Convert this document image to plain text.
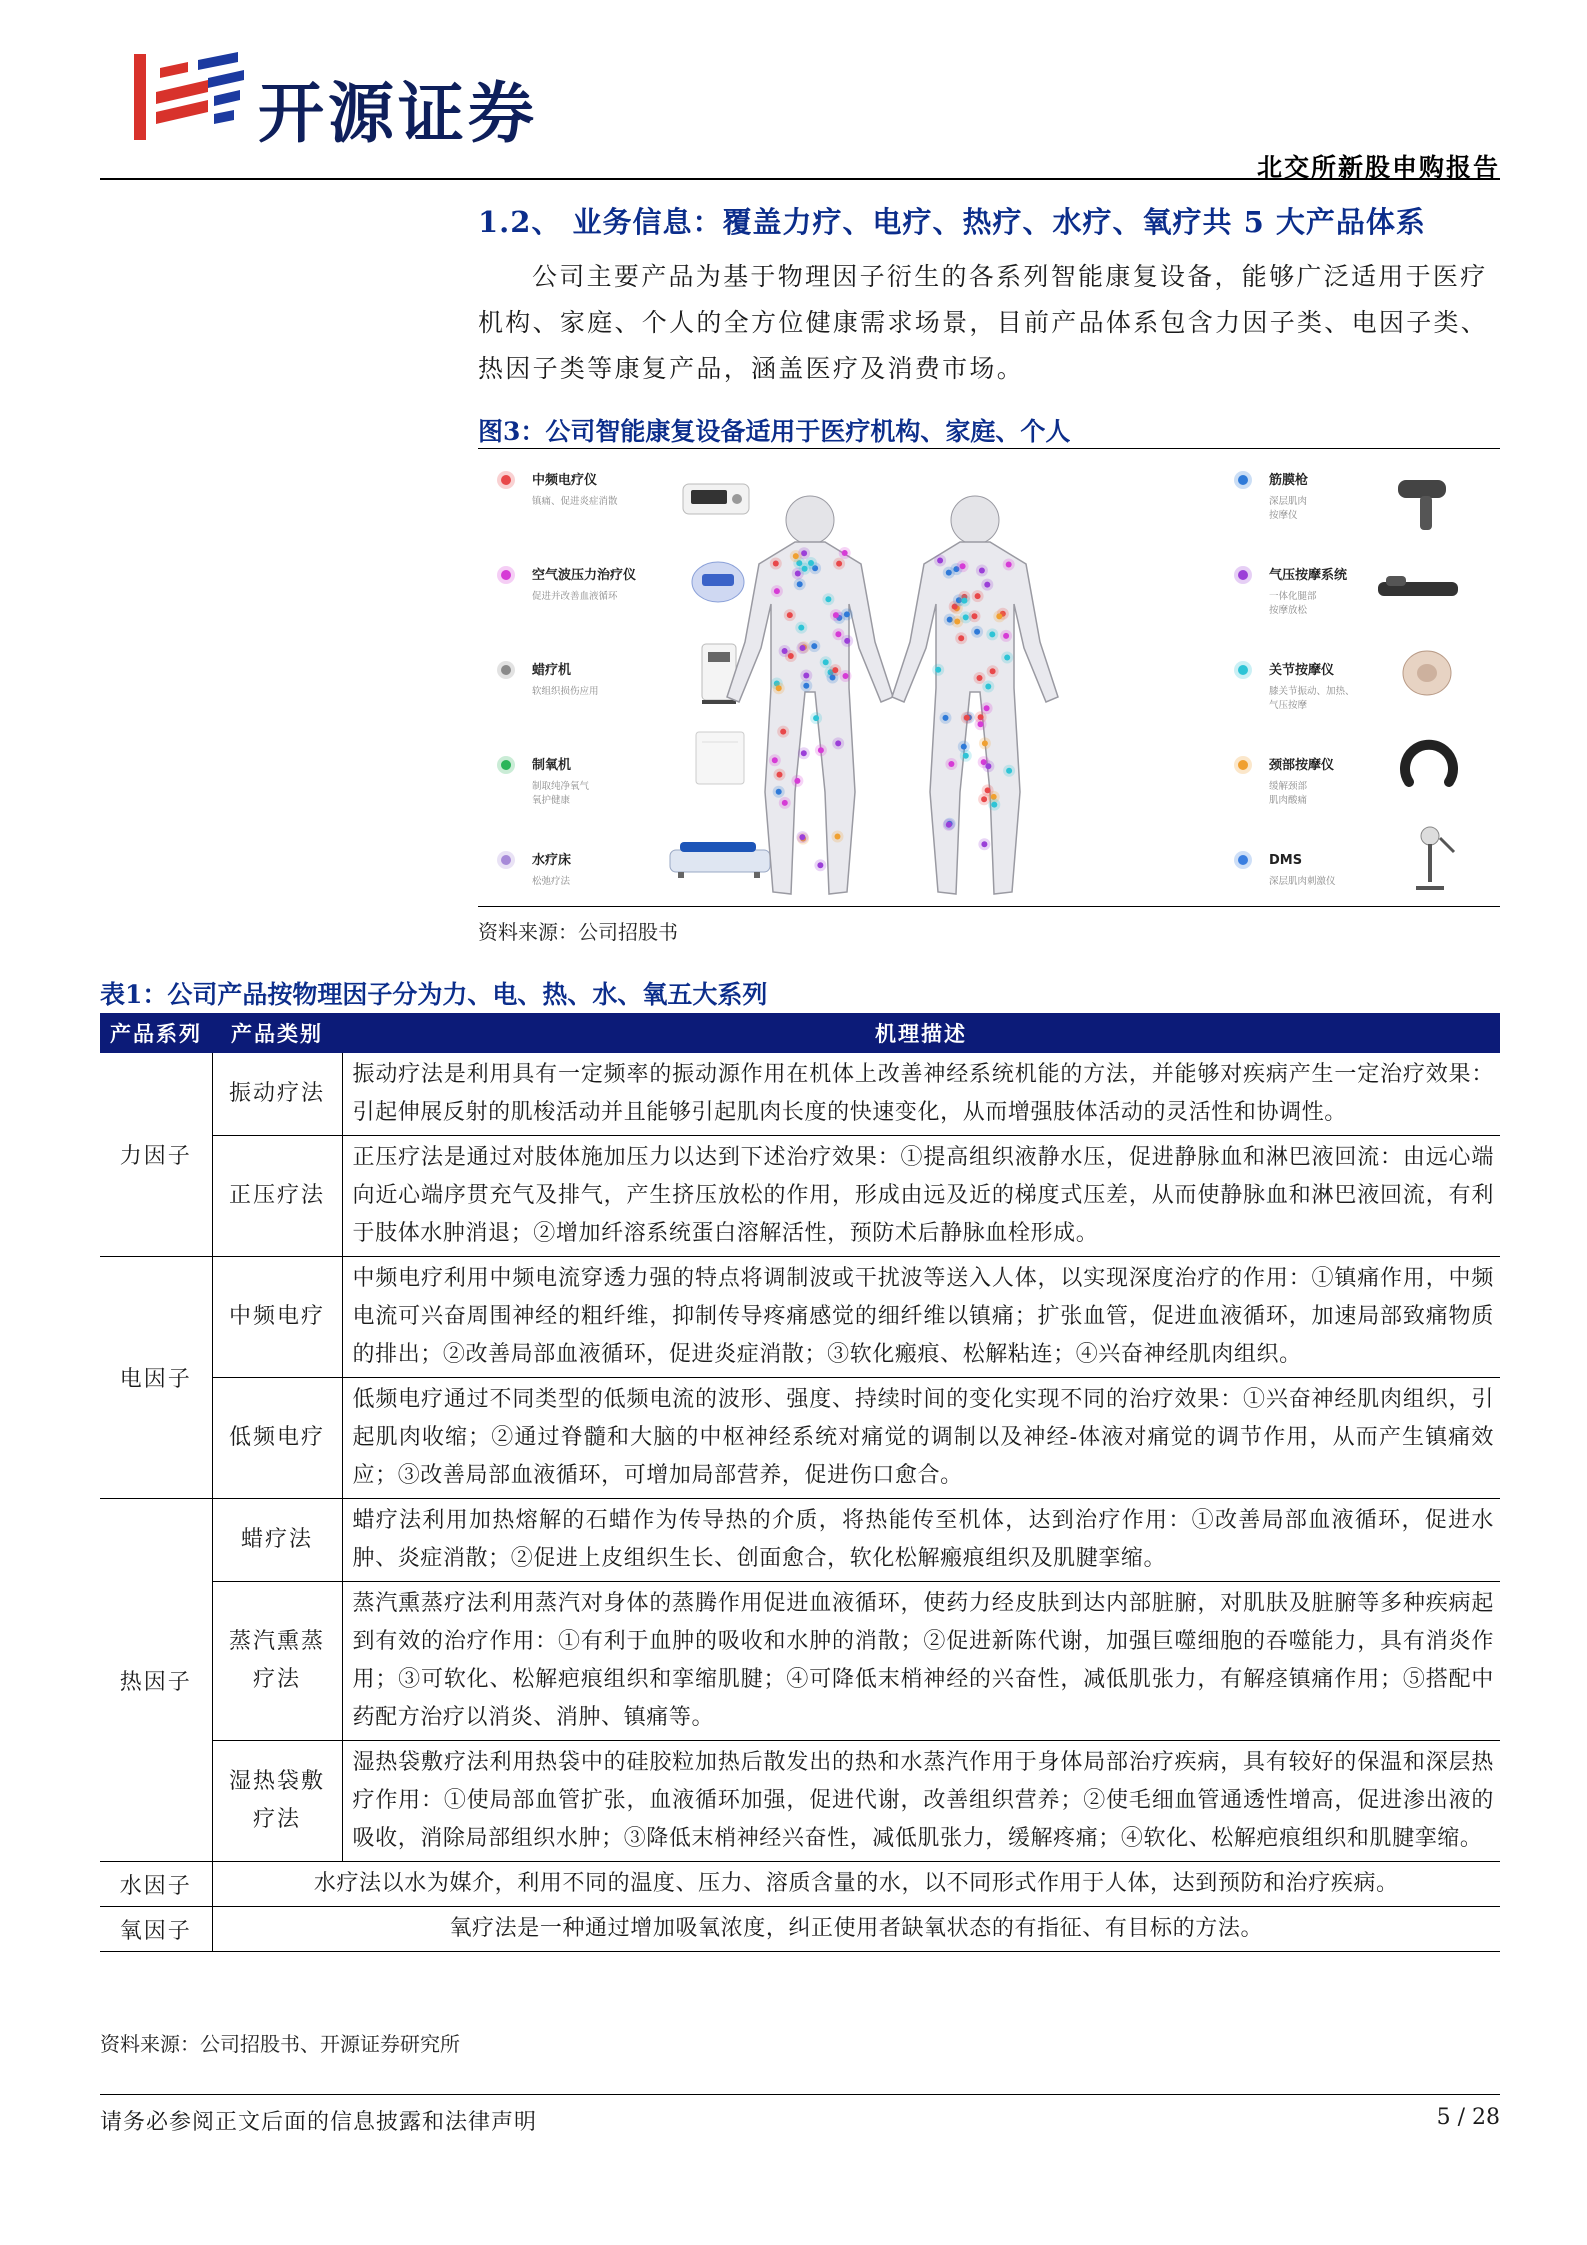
开源证券
北交所新股申购报告
1.2、 业务信息：覆盖力疗、电疗、热疗、水疗、氧疗共 5 大产品体系
公司主要产品为基于物理因子衍生的各系列智能康复设备，能够广泛适用于医疗机构、家庭、个人的全方位健康需求场景，目前产品体系包含力因子类、电因子类、热因子类等康复产品，涵盖医疗及消费市场。
图3：公司智能康复设备适用于医疗机构、家庭、个人
中频电疗仪
镇痛、促进炎症消散
空气波压力治疗仪
促进并改善血液循环
蜡疗机
软组织损伤应用
制氧机
制取纯净氧气
氧护健康
水疗床
松弛疗法
筋膜枪
深层肌肉
按摩仪
气压按摩系统
一体化腿部
按摩放松
关节按摩仪
膝关节振动、加热、
气压按摩
颈部按摩仪
缓解颈部
肌肉酸痛
DMS
深层肌肉刺激仪
资料来源：公司招股书
表1：公司产品按物理因子分为力、电、热、水、氧五大系列
产品系列	产品类别	机理描述
力因子	振动疗法	振动疗法是利用具有一定频率的振动源作用在机体上改善神经系统机能的方法，并能够对疾病产生一定治疗效果：引起伸展反射的肌梭活动并且能够引起肌肉长度的快速变化，从而增强肢体活动的灵活性和协调性。
	正压疗法	正压疗法是通过对肢体施加压力以达到下述治疗效果：①提高组织液静水压，促进静脉血和淋巴液回流：由远心端向近心端序贯充气及排气，产生挤压放松的作用，形成由远及近的梯度式压差，从而使静脉血和淋巴液回流，有利于肢体水肿消退；②增加纤溶系统蛋白溶解活性，预防术后静脉血栓形成。
电因子	中频电疗	中频电疗利用中频电流穿透力强的特点将调制波或干扰波等送入人体，以实现深度治疗的作用：①镇痛作用，中频电流可兴奋周围神经的粗纤维，抑制传导疼痛感觉的细纤维以镇痛；扩张血管，促进血液循环，加速局部致痛物质的排出；②改善局部血液循环，促进炎症消散；③软化瘢痕、松解粘连；④兴奋神经肌肉组织。
	低频电疗	低频电疗通过不同类型的低频电流的波形、强度、持续时间的变化实现不同的治疗效果：①兴奋神经肌肉组织，引起肌肉收缩；②通过脊髓和大脑的中枢神经系统对痛觉的调制以及神经-体液对痛觉的调节作用，从而产生镇痛效应；③改善局部血液循环，可增加局部营养，促进伤口愈合。
热因子	蜡疗法	蜡疗法利用加热熔解的石蜡作为传导热的介质，将热能传至机体，达到治疗作用：①改善局部血液循环，促进水肿、炎症消散；②促进上皮组织生长、创面愈合，软化松解瘢痕组织及肌腱挛缩。
	蒸汽熏蒸疗法	蒸汽熏蒸疗法利用蒸汽对身体的蒸腾作用促进血液循环，使药力经皮肤到达内部脏腑，对肌肤及脏腑等多种疾病起到有效的治疗作用：①有利于血肿的吸收和水肿的消散；②促进新陈代谢，加强巨噬细胞的吞噬能力，具有消炎作用；③可软化、松解疤痕组织和挛缩肌腱；④可降低末梢神经的兴奋性，减低肌张力，有解痉镇痛作用；⑤搭配中药配方治疗以消炎、消肿、镇痛等。
	湿热袋敷疗法	湿热袋敷疗法利用热袋中的硅胶粒加热后散发出的热和水蒸汽作用于身体局部治疗疾病，具有较好的保温和深层热疗作用：①使局部血管扩张，血液循环加强，促进代谢，改善组织营养；②使毛细血管通透性增高，促进渗出液的吸收，消除局部组织水肿；③降低末梢神经兴奋性，减低肌张力，缓解疼痛；④软化、松解疤痕组织和肌腱挛缩。
水因子	水疗法以水为媒介，利用不同的温度、压力、溶质含量的水，以不同形式作用于人体，达到预防和治疗疾病。	
氧因子	氧疗法是一种通过增加吸氧浓度，纠正使用者缺氧状态的有指征、有目标的方法。	
资料来源：公司招股书、开源证券研究所
请务必参阅正文后面的信息披露和法律声明	5 / 28
